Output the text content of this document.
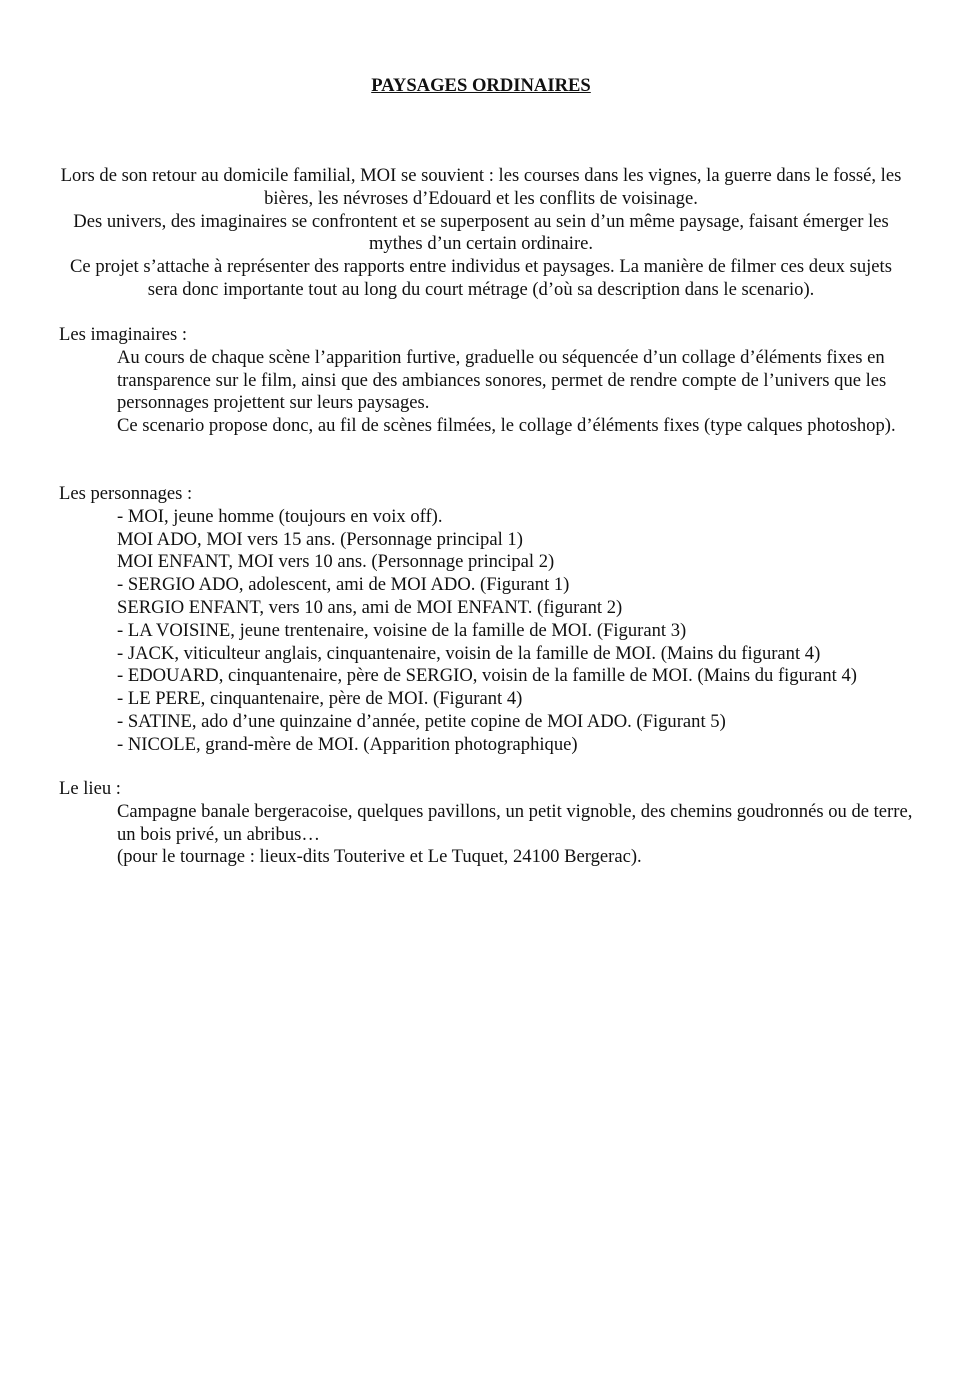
PAYSAGES ORDINAIRES

Lors de son retour au domicile familial, MOI se souvient : les courses dans les vignes, la guerre dans le fossé, les bières, les névroses d’Edouard et les conflits de voisinage.

Des univers, des imaginaires se confrontent et se superposent au sein d’un même paysage, faisant émerger les mythes d’un certain ordinaire.

Ce projet s’attache à représenter des rapports entre individus et paysages. La manière de filmer ces deux sujets sera donc importante tout au long du court métrage (d’où sa description dans le scenario).

Les imaginaires :

Au cours de chaque scène l’apparition furtive, graduelle ou séquencée d’un collage d’éléments fixes en transparence sur le film, ainsi que des ambiances sonores, permet de rendre compte de l’univers que les personnages projettent sur leurs paysages.

Ce scenario propose donc, au fil de scènes filmées, le collage d’éléments fixes (type calques photoshop).

Les personnages :

- MOI, jeune homme (toujours en voix off).
MOI ADO, MOI vers 15 ans. (Personnage principal 1)
MOI ENFANT, MOI vers 10 ans. (Personnage principal 2)
- SERGIO ADO, adolescent, ami de MOI ADO. (Figurant 1)
SERGIO ENFANT, vers 10 ans, ami de MOI ENFANT. (figurant 2)
- LA VOISINE, jeune trentenaire, voisine de la famille de MOI. (Figurant 3)
- JACK, viticulteur anglais, cinquantenaire, voisin de la famille de MOI. (Mains du figurant 4)
- EDOUARD, cinquantenaire, père de SERGIO, voisin de la famille de MOI. (Mains du figurant 4)
- LE PERE, cinquantenaire, père de MOI. (Figurant 4)
- SATINE, ado d’une quinzaine d’année, petite copine de MOI ADO. (Figurant 5)
- NICOLE, grand-mère de MOI. (Apparition photographique)

Le lieu :

Campagne banale bergeracoise, quelques pavillons, un petit vignoble, des chemins goudronnés ou de terre, un bois privé, un abribus…

(pour le tournage : lieux-dits Touterive et Le Tuquet, 24100 Bergerac).
